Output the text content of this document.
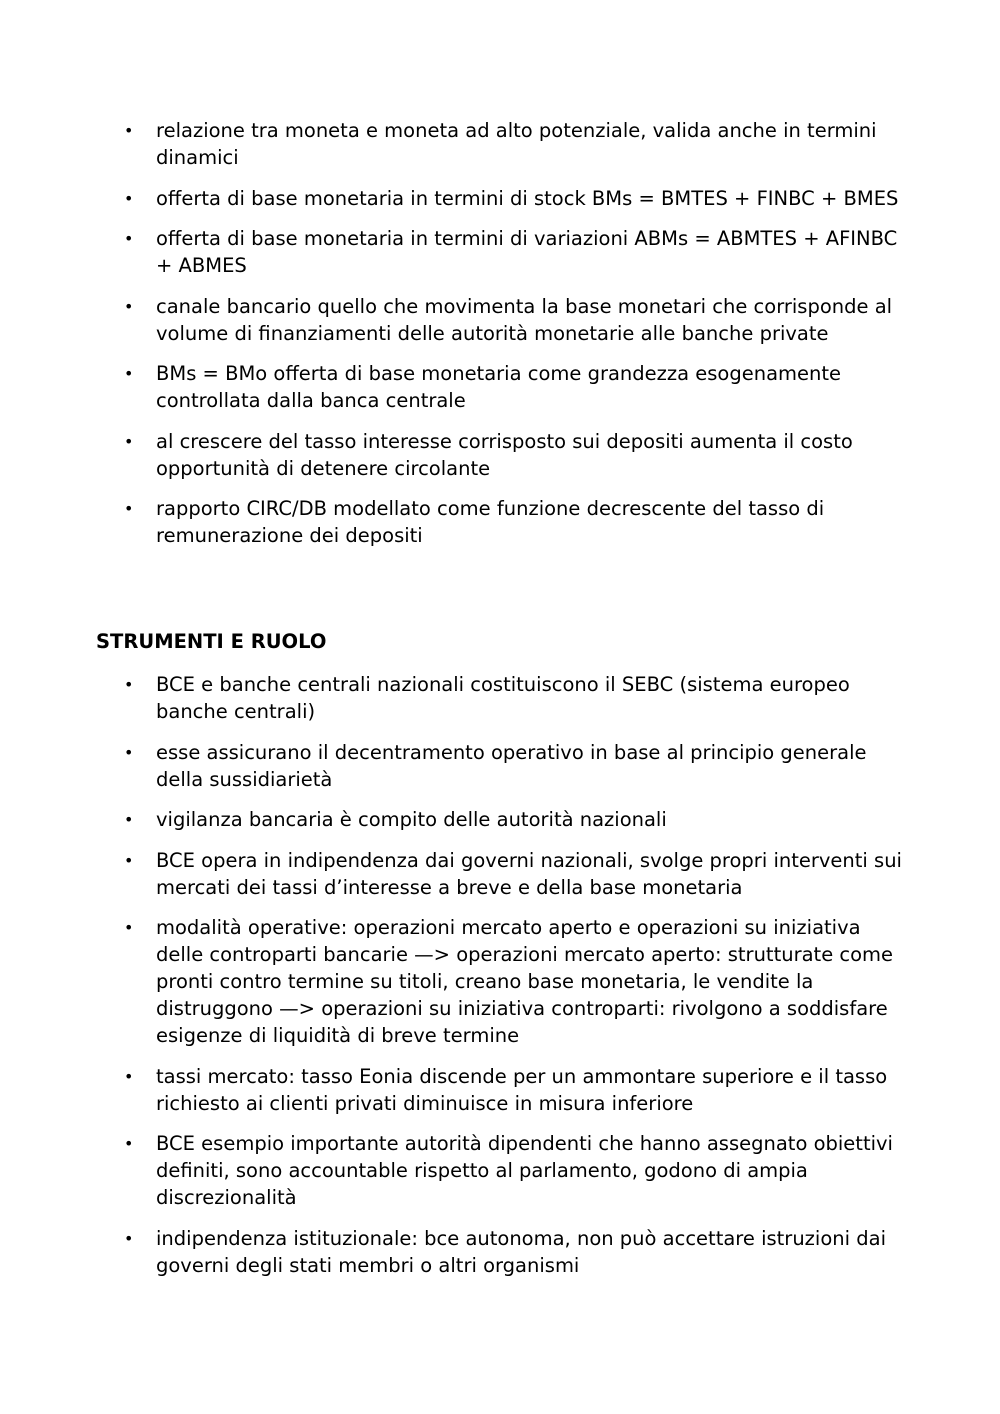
• relazione tra moneta e moneta ad alto potenziale, valida anche in termini dinamici
• offerta di base monetaria in termini di stock BMs = BMTES + FINBC + BMES
• offerta di base monetaria in termini di variazioni ABMs = ABMTES + AFINBC + ABMES
• canale bancario quello che movimenta la base monetari che corrisponde al volume di finanziamenti delle autorità monetarie alle banche private
• BMs = BMo offerta di base monetaria come grandezza esogenamente controllata dalla banca centrale
• al crescere del tasso interesse corrisposto sui depositi aumenta il costo opportunità di detenere circolante
• rapporto CIRC/DB modellato come funzione decrescente del tasso di remunerazione dei depositi
STRUMENTI E RUOLO
• BCE e banche centrali nazionali costituiscono il SEBC (sistema europeo banche centrali)
• esse assicurano il decentramento operativo in base al principio generale della sussidiarietà
• vigilanza bancaria è compito delle autorità nazionali
• BCE opera in indipendenza dai governi nazionali, svolge propri interventi sui mercati dei tassi d’interesse a breve e della base monetaria
• modalità operative: operazioni mercato aperto e operazioni su iniziativa delle controparti bancarie —> operazioni mercato aperto: strutturate come pronti contro termine su titoli, creano base monetaria, le vendite la distruggono —> operazioni su iniziativa controparti: rivolgono a soddisfare esigenze di liquidità di breve termine
• tassi mercato: tasso Eonia discende per un ammontare superiore e il tasso richiesto ai clienti privati diminuisce in misura inferiore
• BCE esempio importante autorità dipendenti che hanno assegnato obiettivi definiti, sono accountable rispetto al parlamento, godono di ampia discrezionalità
• indipendenza istituzionale: bce autonoma, non può accettare istruzioni dai governi degli stati membri o altri organismi
